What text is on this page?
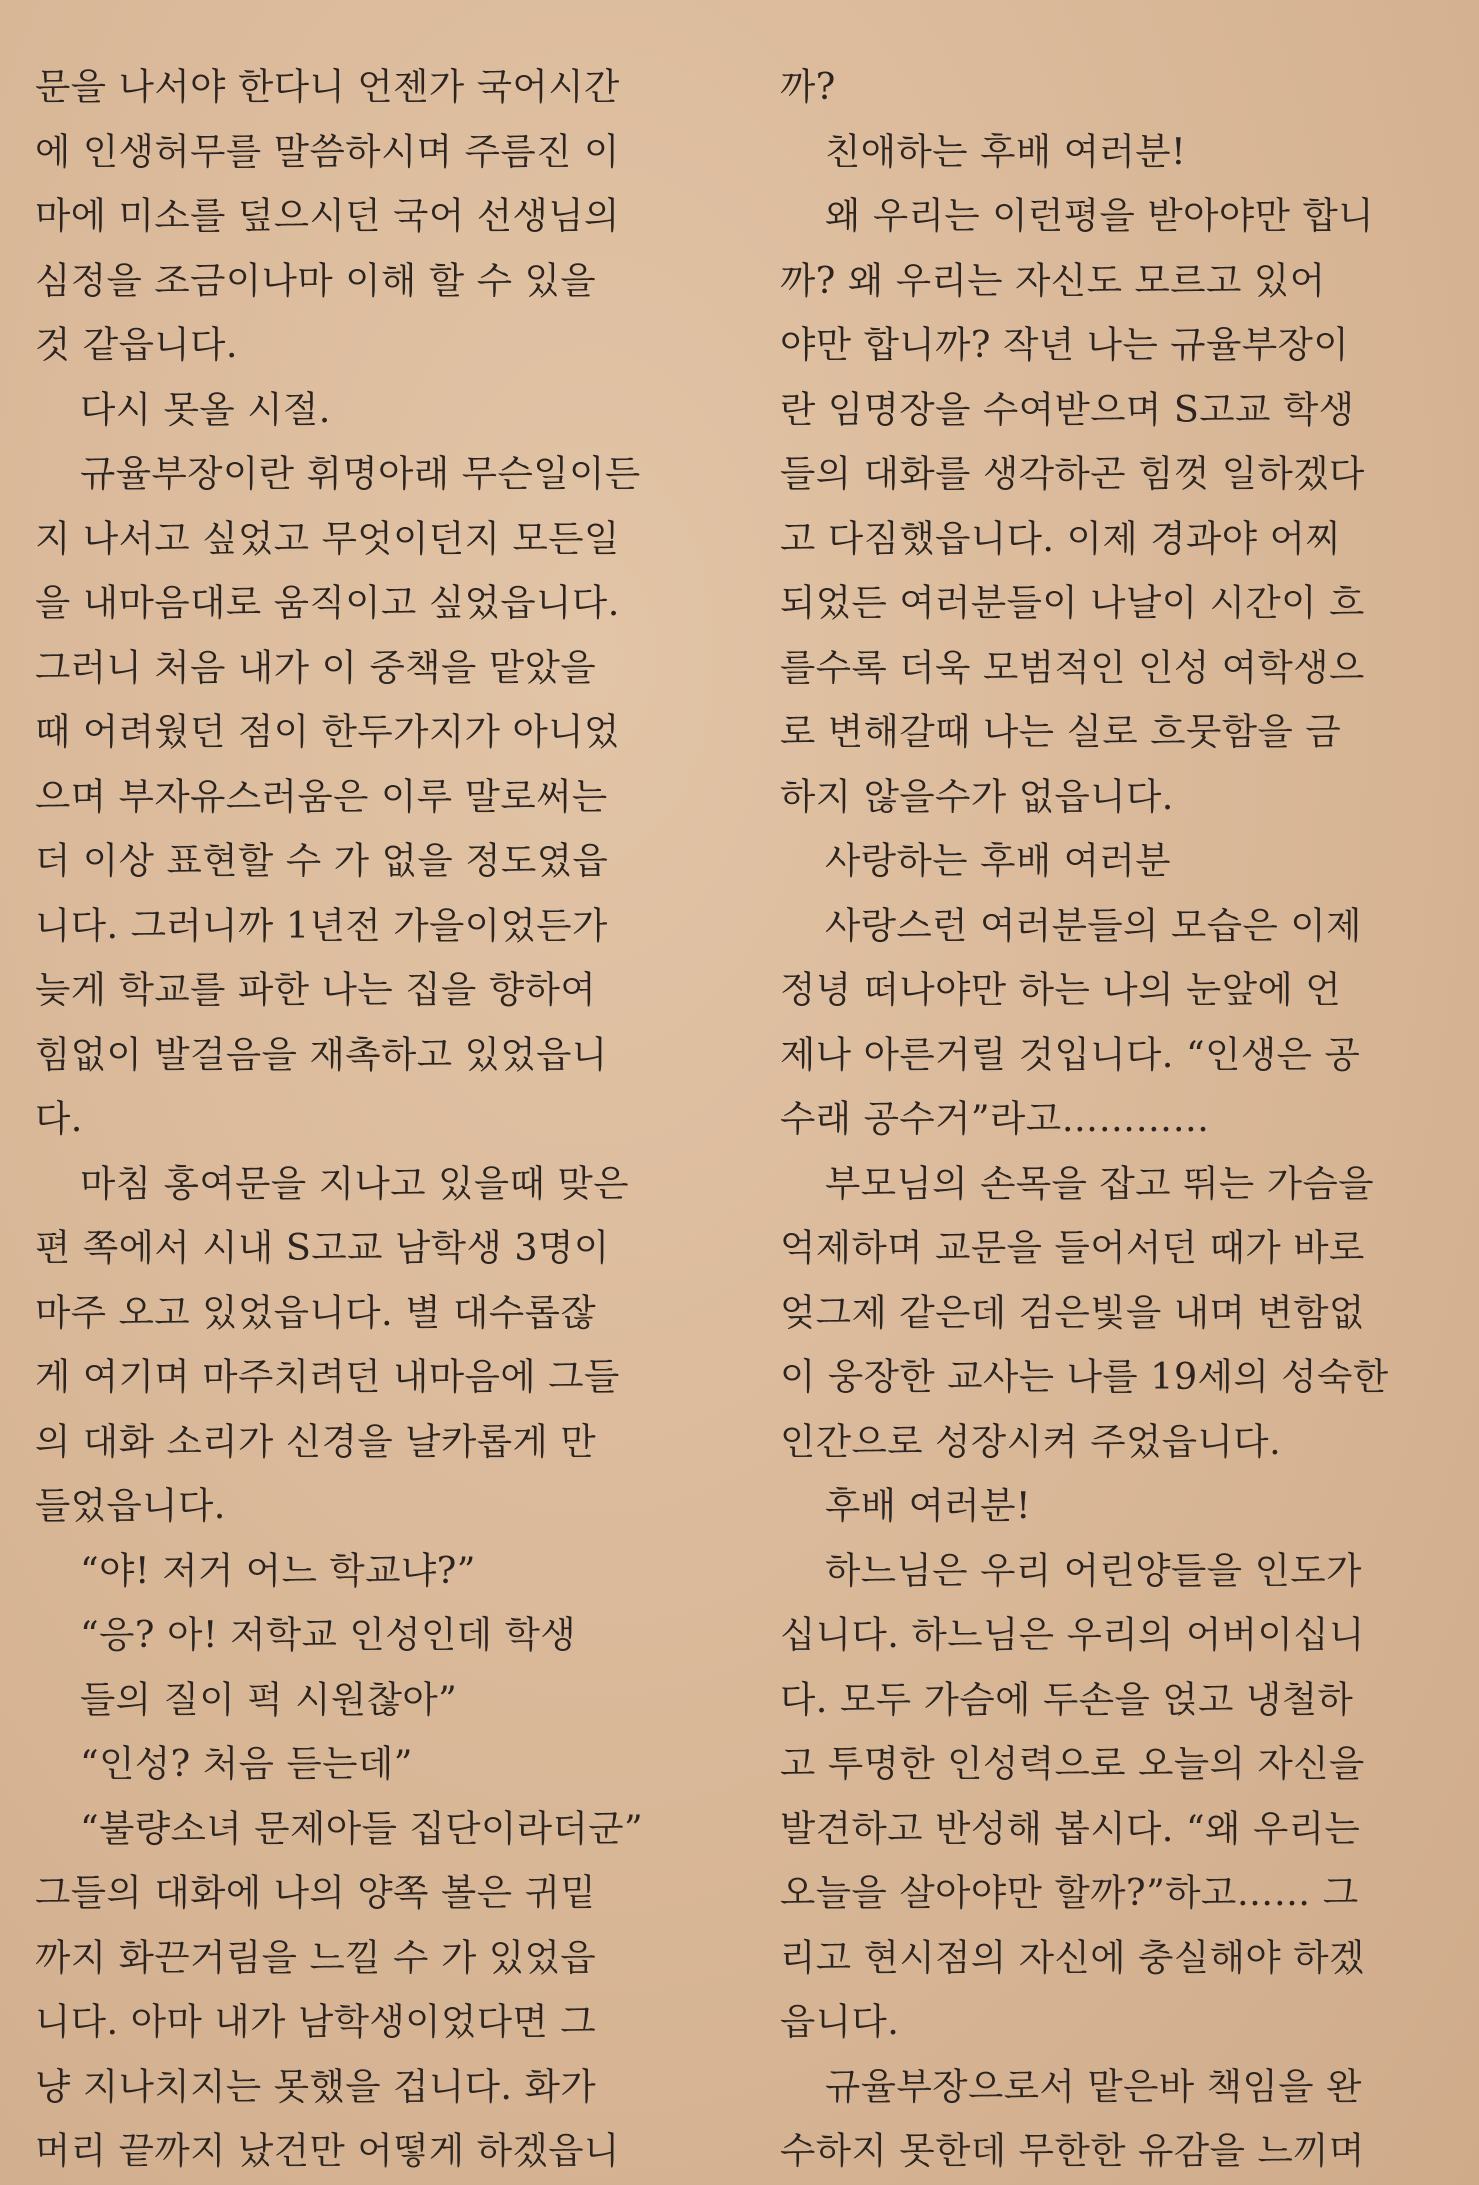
문을 나서야 한다니 언젠가 국어시간
에 인생허무를 말씀하시며 주름진 이
마에 미소를 덮으시던 국어 선생님의
심정을 조금이나마 이해 할 수 있을
것 같읍니다.
다시 못올 시절.
규율부장이란 휘명아래 무슨일이든
지 나서고 싶었고 무엇이던지 모든일
을 내마음대로 움직이고 싶었읍니다.
그러니 처음 내가 이 중책을 맡았을
때 어려웠던 점이 한두가지가 아니었
으며 부자유스러움은 이루 말로써는
더 이상 표현할 수 가 없을 정도였읍
니다. 그러니까 1년전 가을이었든가
늦게 학교를 파한 나는 집을 향하여
힘없이 발걸음을 재촉하고 있었읍니
다.
마침 홍여문을 지나고 있을때 맞은
편 쪽에서 시내 S고교 남학생 3명이
마주 오고 있었읍니다. 별 대수롭잖
게 여기며 마주치려던 내마음에 그들
의 대화 소리가 신경을 날카롭게 만
들었읍니다.
“야! 저거 어느 학교냐?”
“응? 아! 저학교 인성인데 학생
들의 질이 퍽 시원찮아”
“인성? 처음 듣는데”
“불량소녀 문제아들 집단이라더군”
그들의 대화에 나의 양쪽 볼은 귀밑
까지 화끈거림을 느낄 수 가 있었읍
니다. 아마 내가 남학생이었다면 그
냥 지나치지는 못했을 겁니다. 화가
머리 끝까지 났건만 어떻게 하겠읍니
까?
친애하는 후배 여러분!
왜 우리는 이런평을 받아야만 합니
까? 왜 우리는 자신도 모르고 있어
야만 합니까? 작년 나는 규율부장이
란 임명장을 수여받으며 S고교 학생
들의 대화를 생각하곤 힘껏 일하겠다
고 다짐했읍니다. 이제 경과야 어찌
되었든 여러분들이 나날이 시간이 흐
를수록 더욱 모범적인 인성 여학생으
로 변해갈때 나는 실로 흐뭇함을 금
하지 않을수가 없읍니다.
사랑하는 후배 여러분
사랑스런 여러분들의 모습은 이제
정녕 떠나야만 하는 나의 눈앞에 언
제나 아른거릴 것입니다. “인생은 공
수래 공수거”라고…………
부모님의 손목을 잡고 뛰는 가슴을
억제하며 교문을 들어서던 때가 바로
엊그제 같은데 검은빛을 내며 변함없
이 웅장한 교사는 나를 19세의 성숙한
인간으로 성장시켜 주었읍니다.
후배 여러분!
하느님은 우리 어린양들을 인도가
십니다. 하느님은 우리의 어버이십니
다. 모두 가슴에 두손을 얹고 냉철하
고 투명한 인성력으로 오늘의 자신을
발견하고 반성해 봅시다. “왜 우리는
오늘을 살아야만 할까?”하고…… 그
리고 현시점의 자신에 충실해야 하겠
읍니다.
규율부장으로서 맡은바 책임을 완
수하지 못한데 무한한 유감을 느끼며
